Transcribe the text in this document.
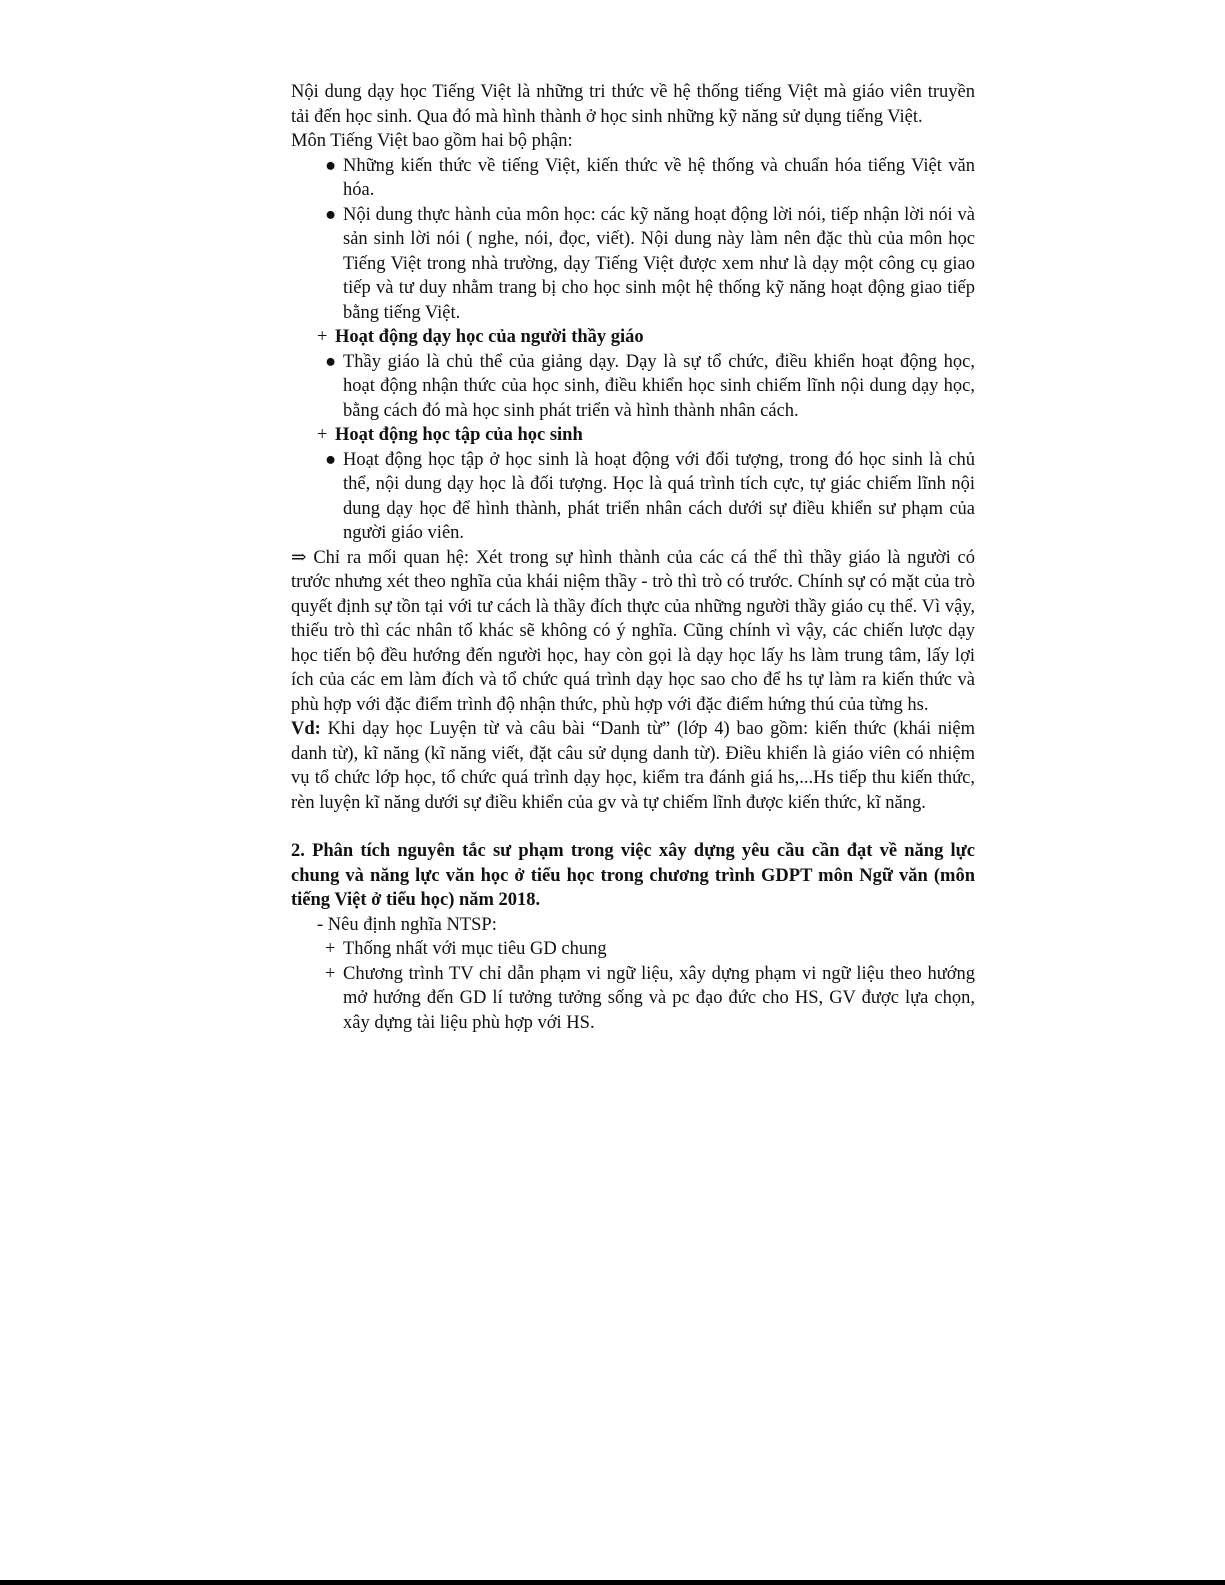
Nội dung dạy học Tiếng Việt là những tri thức về hệ thống tiếng Việt mà giáo viên truyền tải đến học sinh. Qua đó mà hình thành ở học sinh những kỹ năng sử dụng tiếng Việt.

Môn Tiếng Việt bao gồm hai bộ phận:

● Những kiến thức về tiếng Việt, kiến thức về hệ thống và chuẩn hóa tiếng Việt văn hóa.

● Nội dung thực hành của môn học: các kỹ năng hoạt động lời nói, tiếp nhận lời nói và sản sinh lời nói ( nghe, nói, đọc, viết). Nội dung này làm nên đặc thù của môn học Tiếng Việt trong nhà trường, dạy Tiếng Việt được xem như là dạy một công cụ giao tiếp và tư duy nhằm trang bị cho học sinh một hệ thống kỹ năng hoạt động giao tiếp bằng tiếng Việt.

+ Hoạt động dạy học của người thầy giáo

● Thầy giáo là chủ thể của giảng dạy. Dạy là sự tổ chức, điều khiển hoạt động học, hoạt động nhận thức của học sinh, điều khiển học sinh chiếm lĩnh nội dung dạy học, bằng cách đó mà học sinh phát triển và hình thành nhân cách.

+ Hoạt động học tập của học sinh

● Hoạt động học tập ở học sinh là hoạt động với đối tượng, trong đó học sinh là chủ thể, nội dung dạy học là đối tượng. Học là quá trình tích cực, tự giác chiếm lĩnh nội dung dạy học để hình thành, phát triển nhân cách dưới sự điều khiển sư phạm của người giáo viên.

⇒ Chỉ ra mối quan hệ: Xét trong sự hình thành của các cá thể thì thầy giáo là người có trước nhưng xét theo nghĩa của khái niệm thầy - trò thì trò có trước. Chính sự có mặt của trò quyết định sự tồn tại với tư cách là thầy đích thực của những người thầy giáo cụ thể. Vì vậy, thiếu trò thì các nhân tố khác sẽ không có ý nghĩa. Cũng chính vì vậy, các chiến lược dạy học tiến bộ đều hướng đến người học, hay còn gọi là dạy học lấy hs làm trung tâm, lấy lợi ích của các em làm đích và tổ chức quá trình dạy học sao cho để hs tự làm ra kiến thức và phù hợp với đặc điểm trình độ nhận thức, phù hợp với đặc điểm hứng thú của từng hs.

Vd: Khi dạy học Luyện từ và câu bài “Danh từ” (lớp 4) bao gồm: kiến thức (khái niệm danh từ), kĩ năng (kĩ năng viết, đặt câu sử dụng danh từ). Điều khiển là giáo viên có nhiệm vụ tổ chức lớp học, tổ chức quá trình dạy học, kiểm tra đánh giá hs,...Hs tiếp thu kiến thức, rèn luyện kĩ năng dưới sự điều khiển của gv và tự chiếm lĩnh được kiến thức, kĩ năng.

2. Phân tích nguyên tắc sư phạm trong việc xây dựng yêu cầu cần đạt về năng lực chung và năng lực văn học ở tiểu học trong chương trình GDPT môn Ngữ văn (môn tiếng Việt ở tiểu học) năm 2018.

- Nêu định nghĩa NTSP:

+ Thống nhất với mục tiêu GD chung

+ Chương trình TV chỉ dẫn phạm vi ngữ liệu, xây dựng phạm vi ngữ liệu theo hướng mở hướng đến GD lí tưởng tưởng sống và pc đạo đức cho HS, GV được lựa chọn, xây dựng tài liệu phù hợp với HS.
